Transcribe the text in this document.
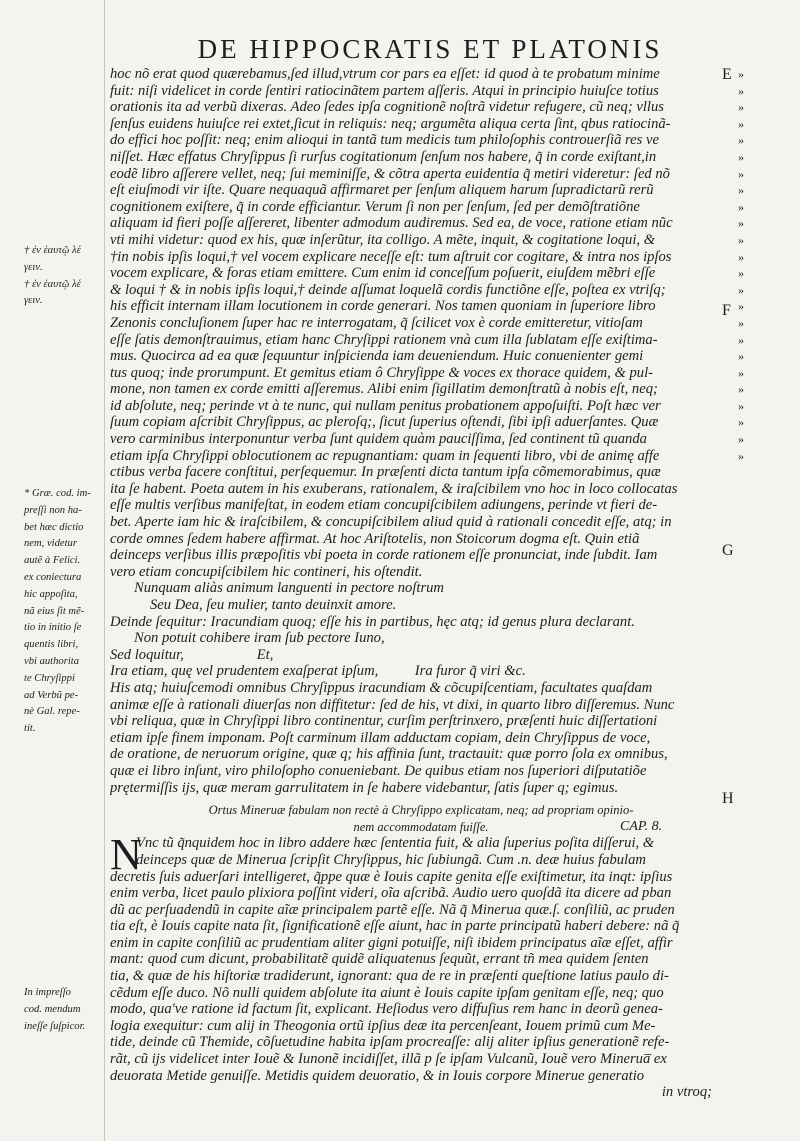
DE HIPPOCRATIS ET PLATONIS

† ἐν ἑαυτῷ λέ

γειν.

† ἐν ἑαυτῷ λέ

γειν.

* Græ. cod. im-

preſſi non ha-

bet hæc dictio

nem, videtur

autẽ à Felici.

ex coniectura

hic appoſita,

nã eius ſit mẽ-

tio in initio ſe

quentis libri,

vbi authorita

te Chryſippi

ad Verbũ pe-

nè Gal. repe-

tit.

In impreſſo

cod. mendum

ineſſe ſuſpicor.

hoc nõ erat quod quærebamus,ſed illud,vtrum cor pars ea eſſet: id quod à te probatum minime

fuit: niſi videlicet in corde ſentiri ratiocinãtem partem aſſeris. Atqui in principio huiuſce totius

orationis ita ad verbũ dixeras. Adeo ſedes ipſa cognitionẽ noſtrã videtur refugere, cũ neq; vllus

ſenſus euidens huiuſce rei extet,ſicut in reliquis: neq; argumẽta aliqua certa ſint, qbus ratiocinã-

do effici hoc poſſit: neq; enim alioqui in tantã tum medicis tum philoſophis controuerſiã res ve

niſſet. Hæc effatus Chryſippus ſi rurſus cogitationum ſenſum nos habere, q̃ in corde exiſtant,in

eodẽ libro aſſerere vellet, neq; ſui meminiſſe, & cõtra aperta euidentia q̃ metiri videretur: ſed nõ

eſt eiuſmodi vir iſte. Quare nequaquã affirmaret per ſenſum aliquem harum ſupradictarũ rerũ

cognitionem exiſtere, q̃ in corde efficiantur. Verum ſi non per ſenſum, ſed per demõſtratiõne

aliquam id fieri poſſe aſſereret, libenter admodum audiremus. Sed ea, de voce, ratione etiam nũc

vti mihi videtur: quod ex his, quæ inſerũtur, ita colligo. A mẽte, inquit, & cogitatione loqui, &

†in nobis ipſis loqui,† vel vocem explicare neceſſe eſt: tum aſtruit cor cogitare, & intra nos ipſos

vocem explicare, & foras etiam emittere. Cum enim id conceſſum poſuerit, eiuſdem mẽbri eſſe

& loqui † & in nobis ipſis loqui,† deinde aſſumat loquelã cordis functiõne eſſe, poſtea ex vtriſq;

his efficit internam illam locutionem in corde generari. Nos tamen quoniam in ſuperiore libro

Zenonis concluſionem ſuper hac re interrogatam, q̃ ſcilicet vox è corde emitteretur, vitioſam

eſſe ſatis demonſtrauimus, etiam hanc Chryſippi rationem vnà cum illa ſublatam eſſe exiſtima-

mus. Quocirca ad ea quæ ſequuntur inſpicienda iam deueniendum. Huic conuenienter gemi

tus quoq; inde prorumpunt. Et gemitus etiam ô Chryſippe & voces ex thorace quidem, & pul-

mone, non tamen ex corde emitti aſſeremus. Alibi enim ſigillatim demonſtratũ à nobis eſt, neq;

id abſolute, neq; perinde vt à te nunc, qui nullam penitus probationem appoſuiſti. Poſt hæc ver

ſuum copiam aſcribit Chryſippus, ac pleroſq;, ſicut ſuperius oſtendi, ſibi ipſi aduerſantes. Quæ

vero carminibus interponuntur verba ſunt quidem quàm pauciſſima, ſed continent tũ quanda

etiam ipſa Chryſippi oblocutionem ac repugnantiam: quam in ſequenti libro, vbi de animę affe

ctibus verba facere conſtitui, perſequemur. In præſenti dicta tantum ipſa cõmemorabimus, quæ

ita ſe habent. Poeta autem in his exuberans, rationalem, & iraſcibilem vno hoc in loco collocatas

eſſe multis verſibus manifeſtat, in eodem etiam concupiſcibilem adiungens, perinde vt fieri de-

bet. Aperte iam hic & iraſcibilem, & concupiſcibilem aliud quid à rationali concedit eſſe, atq; in

corde omnes ſedem habere affirmat. At hoc Ariſtotelis, non Stoicorum dogma eſt. Quin etiã

deinceps verſibus illis præpoſitis vbi poeta in corde rationem eſſe pronunciat, inde ſubdit. Iam

vero etiam concupiſcibilem hic contineri, his oſtendit.

Nunquam aliàs animum languenti in pectore noſtrum

Seu Dea, ſeu mulier, tanto deuinxit amore.

Deinde ſequitur: Iracundiam quoq; eſſe his in partibus, hęc atq; id genus plura declarant.

Non potuit cohibere iram ſub pectore Iuno,

Sed loquitur,                    Et,

Ira etiam, quę vel prudentem exaſperat ipſum,          Ira furor q̃ viri &c.

His atq; huiuſcemodi omnibus Chryſippus iracundiam & cõcupiſcentiam, facultates quaſdam

animæ eſſe à rationali diuerſas non diffitetur: ſed de his, vt dixi, in quarto libro diſſeremus. Nunc

vbi reliqua, quæ in Chryſippi libro continentur, curſim perſtrinxero, præſenti huic diſſertationi

etiam ipſe finem imponam. Poſt carminum illam adductam copiam, dein Chryſippus de voce,

de oratione, de neruorum origine, quæ q; his affinia ſunt, tractauit: quæ porro ſola ex omnibus,

quæ ei libro inſunt, viro philoſopho conueniebant. De quibus etiam nos ſuperiori diſputatiõe

prętermiſſis ijs, quæ meram garrulitatem in ſe habere videbantur, ſatis ſuper q; egimus.

Ortus Mineruæ fabulam non rectè à Chryſippo explicatam, neq; ad propriam opinio-

nem accommodatam fuiſſe.	CAP. 8.

N

Vnc tũ q̃nquidem hoc in libro addere hæc ſententia fuit, & alia ſuperius poſita diſſerui, &

deinceps quæ de Minerua ſcripſit Chryſippus, hic ſubiungã. Cum .n. deæ huius fabulam

decretis ſuis aduerſari intelligeret, q̃ppe quæ è Iouis capite genita eſſe exiſtimetur, ita inqt: ipſius

enim verba, licet paulo plixiora poſſint videri, oĩa aſcribã. Audio uero quoſdã ita dicere ad pban

dũ ac perſuadendũ in capite aĩæ principalem partẽ eſſe. Nã q̃ Minerua quæ.ſ. conſiliũ, ac pruden

tia eſt, è Iouis capite nata ſit, ſignificationẽ eſſe aiunt, hac in parte principatũ haberi debere: nã q̃

enim in capite conſiliũ ac prudentiam aliter gigni potuiſſe, niſi ibidem principatus aĩæ eſſet, affir

mant: quod cum dicunt, probabilitatẽ quidẽ aliquatenus ſequũt, errant tñ mea quidem ſenten

tia, & quæ de his hiſtoriæ tradiderunt, ignorant: qua de re in præſenti queſtione latius paulo di-

cẽdum eſſe duco. Nõ nulli quidem abſolute ita aiunt è Iouis capite ipſam genitam eſſe, neq; quo

modo, qua've ratione id factum ſit, explicant. Heſiodus vero diffuſius rem hanc in deorũ genea-

logia exequitur: cum alij in Theogonia ortũ ipſius deæ ita percenſeant, Iouem primũ cum Me-

tide, deinde cũ Themide, cõſuetudine habita ipſam procreaſſe: alij aliter ipſius generationẽ refe-

rãt, cũ ijs videlicet inter Iouẽ & Iunonẽ incidiſſet, illã p ſe ipſam Vulcanũ, Iouẽ vero Minerua̅ ex

deuorata Metide genuiſſe. Metidis quidem deuoratio, & in Iouis corpore Minerue generatio

in vtroq;

E
F
G
H
»
»
»
»
»
»
»
»
»
»
»
»
»
»
»
»
»
»
»
»
»
»
»
»
